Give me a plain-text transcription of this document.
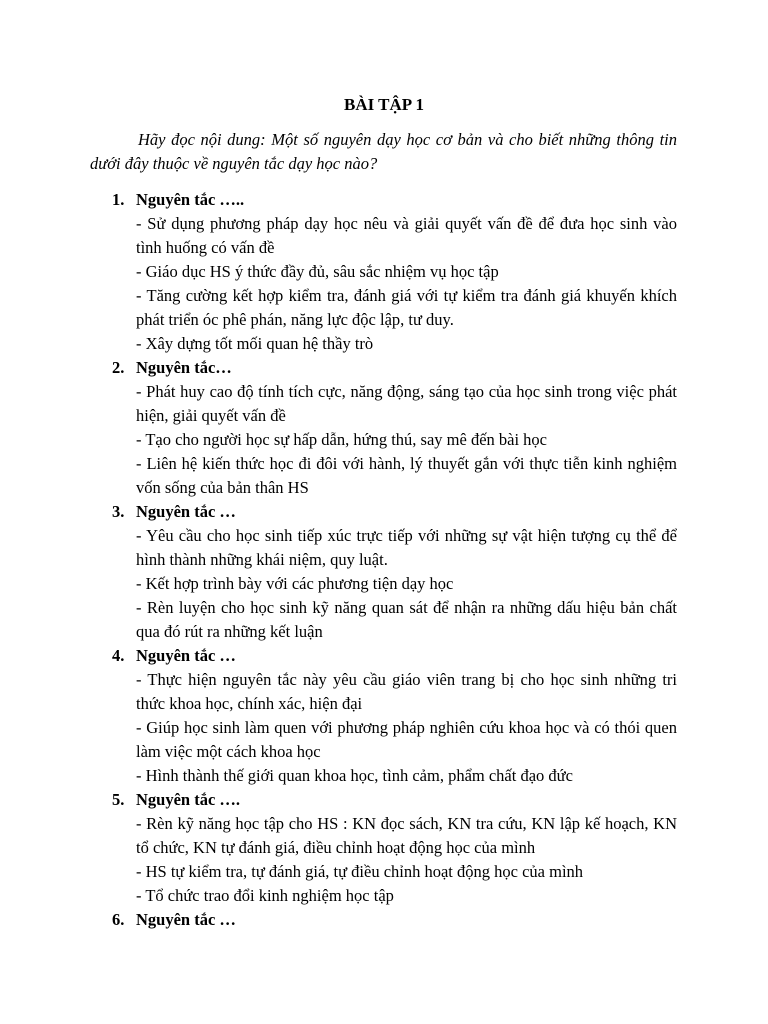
BÀI TẬP 1

Hãy đọc nội dung: Một số nguyên dạy học cơ bản và cho biết những thông tin dưới đây thuộc về nguyên tắc dạy học nào?

1. Nguyên tắc …..

- Sử dụng phương pháp dạy học nêu và giải quyết vấn đề để đưa học sinh vào tình huống có vấn đề

- Giáo dục HS ý thức đầy đủ, sâu sắc nhiệm vụ học tập

- Tăng cường kết hợp kiểm tra, đánh giá với tự kiểm tra đánh giá khuyến khích phát triển óc phê phán, năng lực độc lập, tư duy.

- Xây dựng tốt mối quan hệ thầy trò

2. Nguyên tắc…

- Phát huy cao độ tính tích cực, năng động, sáng tạo của học sinh trong việc phát hiện, giải quyết vấn đề

- Tạo cho người học sự hấp dẫn, hứng thú, say mê đến bài học

- Liên hệ kiến thức học đi đôi với hành, lý thuyết gắn với thực tiễn kinh nghiệm vốn sống của bản thân HS

3. Nguyên tắc …

- Yêu cầu cho học sinh tiếp xúc trực tiếp với những sự vật hiện tượng cụ thể để hình thành những khái niệm, quy luật.

- Kết hợp trình bày với các phương tiện dạy học

- Rèn luyện cho học sinh kỹ năng quan sát để nhận ra những dấu hiệu bản chất qua đó rút ra những kết luận

4. Nguyên tắc …

- Thực hiện nguyên tắc này yêu cầu giáo viên trang bị cho học sinh những tri thức khoa học, chính xác, hiện đại

- Giúp học sinh làm quen với phương pháp nghiên cứu khoa học và có thói quen làm việc một cách khoa học

- Hình thành thế giới quan khoa học, tình cảm, phẩm chất đạo đức

5. Nguyên tắc ….

- Rèn kỹ năng học tập cho HS : KN đọc sách, KN tra cứu, KN lập kế hoạch, KN tổ chức, KN tự đánh giá, điều chỉnh hoạt động học của mình

- HS tự kiểm tra, tự đánh giá, tự điều chỉnh hoạt động học của mình

- Tổ chức trao đổi kinh nghiệm học tập

6. Nguyên tắc …
